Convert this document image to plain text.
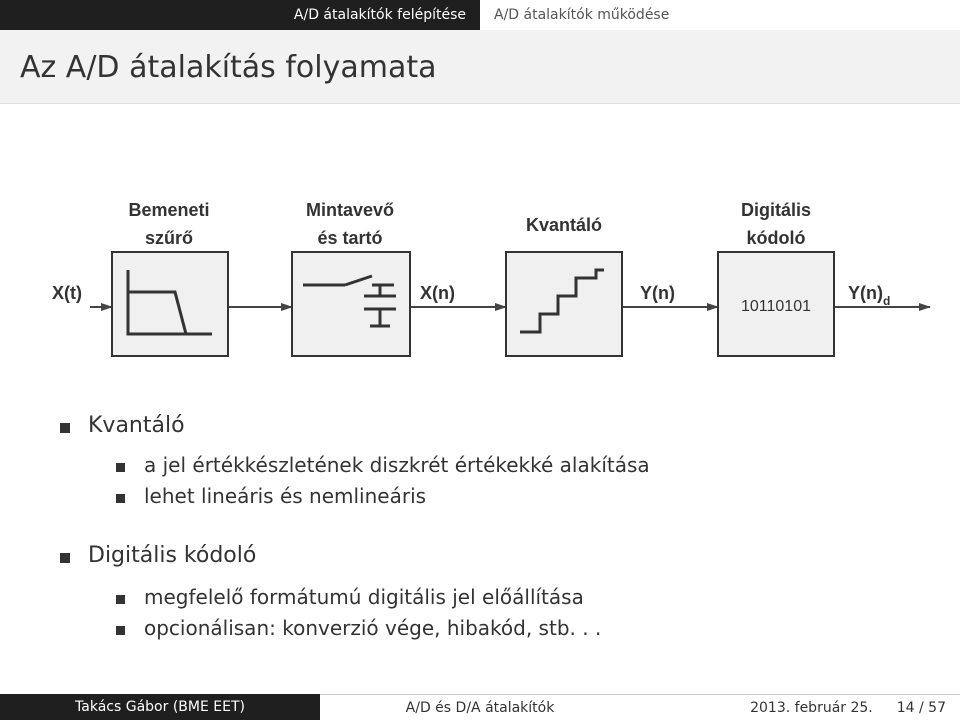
A/D átalakítók felépítése A/D átalakítók működése
Az A/D átalakítás folyamata
Bemeneti
szűrő
Mintavevő
és tartó
Kvantáló
Digitális
kódoló
X(t)	X(n)	Y(n)	$Y(n)_d$
10110101
Kvantáló
a jel értékkészletének diszkrét értékekké alakítása
lehet lineáris és nemlineáris
Digitális kódoló
megfelelő formátumú digitális jel előállítása
opcionálisan: konverzió vége, hibakód, stb. . .
Takács Gábor (BME EET)	A/D és D/A átalakítók	2013. február 25. 14 / 57
